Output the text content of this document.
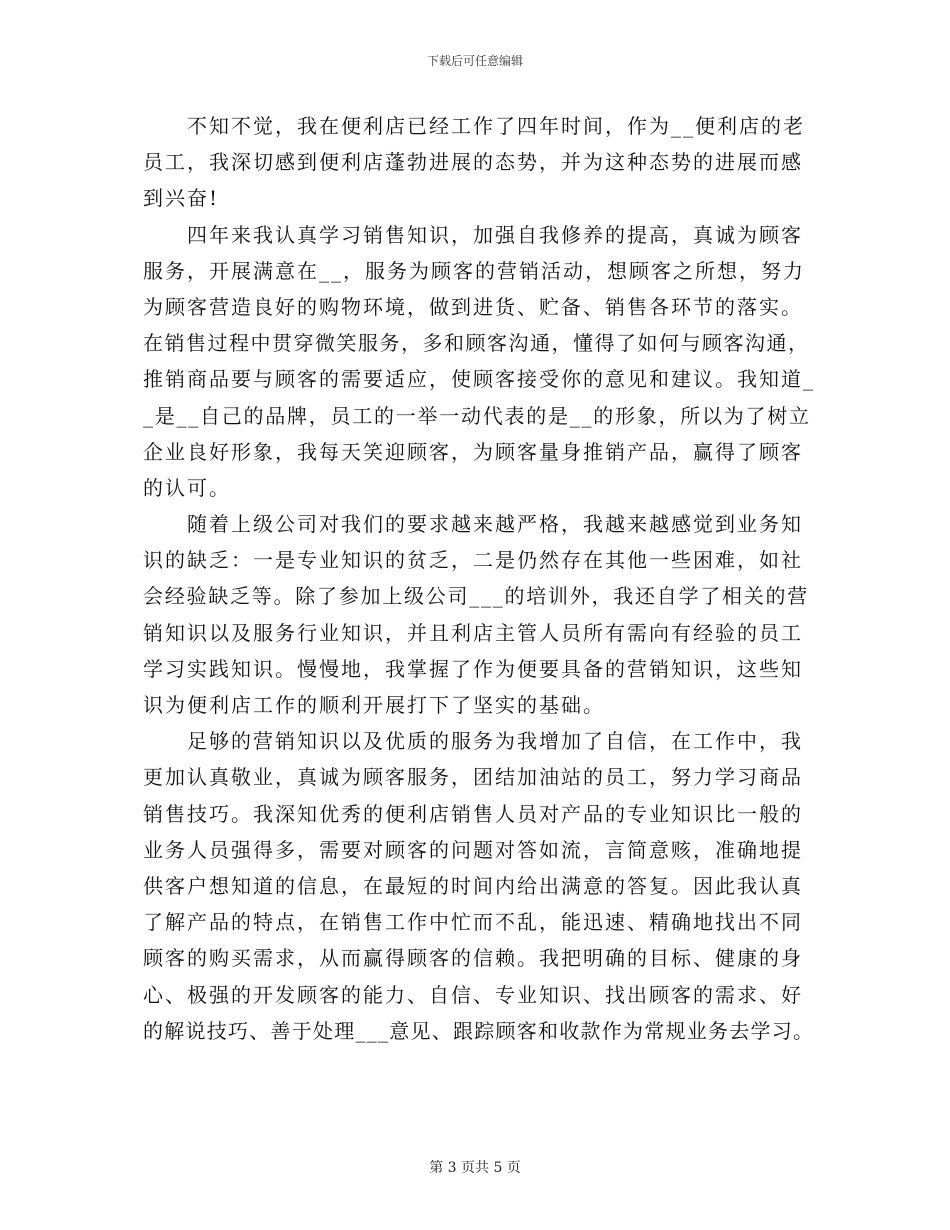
下载后可任意编辑
　　不知不觉，我在便利店已经工作了四年时间，作为__便利店的老
员工，我深切感到便利店蓬勃进展的态势，并为这种态势的进展而感
到兴奋!
　　四年来我认真学习销售知识，加强自我修养的提高，真诚为顾客
服务，开展满意在__，服务为顾客的营销活动，想顾客之所想，努力
为顾客营造良好的购物环境，做到进货、贮备、销售各环节的落实。
在销售过程中贯穿微笑服务，多和顾客沟通，懂得了如何与顾客沟通，
推销商品要与顾客的需要适应，使顾客接受你的意见和建议。我知道_
_是__自己的品牌，员工的一举一动代表的是__的形象，所以为了树立
企业良好形象，我每天笑迎顾客，为顾客量身推销产品，赢得了顾客
的认可。
　　随着上级公司对我们的要求越来越严格，我越来越感觉到业务知
识的缺乏：一是专业知识的贫乏，二是仍然存在其他一些困难，如社
会经验缺乏等。除了参加上级公司___的培训外，我还自学了相关的营
销知识以及服务行业知识，并且利店主管人员所有需向有经验的员工
学习实践知识。慢慢地，我掌握了作为便要具备的营销知识，这些知
识为便利店工作的顺利开展打下了坚实的基础。
　　足够的营销知识以及优质的服务为我增加了自信，在工作中，我
更加认真敬业，真诚为顾客服务，团结加油站的员工，努力学习商品
销售技巧。我深知优秀的便利店销售人员对产品的专业知识比一般的
业务人员强得多，需要对顾客的问题对答如流，言简意赅，准确地提
供客户想知道的信息，在最短的时间内给出满意的答复。因此我认真
了解产品的特点，在销售工作中忙而不乱，能迅速、精确地找出不同
顾客的购买需求，从而赢得顾客的信赖。我把明确的目标、健康的身
心、极强的开发顾客的能力、自信、专业知识、找出顾客的需求、好
的解说技巧、善于处理___意见、跟踪顾客和收款作为常规业务去学习。
第 3 页共 5 页
